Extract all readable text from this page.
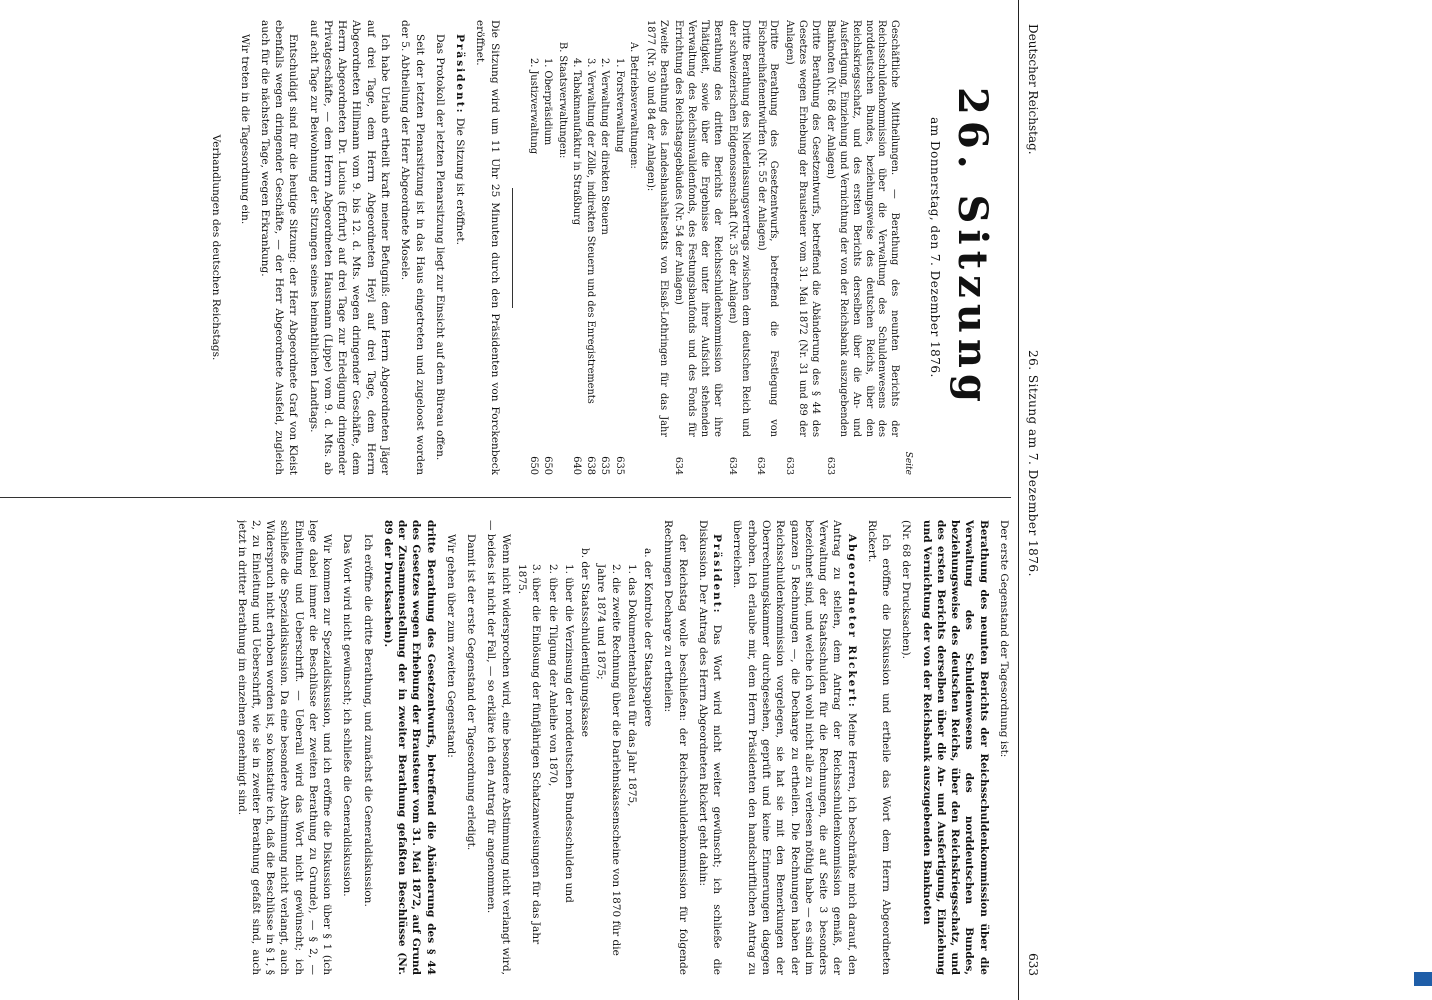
Deutscher Reichstag.
26. Sitzung am 7. Dezember 1876.
633
26. Sitzung
am Donnerstag, den 7. Dezember 1876.
Seite
Geschäftliche Mittheilungen. — Berathung des neunten Berichts der Reichsschuldenkommission über die Verwaltung des Schuldenwesens des norddeutschen Bundes, beziehungsweise des deutschen Reichs, über den Reichskriegsschatz, und des ersten Berichts derselben über die An- und Ausfertigung, Einziehung und Vernichtung der von der Reichsbank auszugebenden Banknoten (Nr. 68 der Anlagen)
633
Dritte Berathung des Gesetzentwurfs, betreffend die Abänderung des § 44 des Gesetzes wegen Erhebung der Brausteuer vom 31. Mai 1872 (Nr. 31 und 89 der Anlagen)
633
Dritte Berathung des Gesetzentwurfs, betreffend die Festlegung von Fischereihafenentwürfen (Nr. 55 der Anlagen)
634
Dritte Berathung des Niederlassungsvertrags zwischen dem deutschen Reich und der schweizerischen Eidgenossenschaft (Nr. 35 der Anlagen)
634
Berathung des dritten Berichts der Reichsschuldenkommission über ihre Thätigkeit, sowie über die Ergebnisse der unter ihrer Aufsicht stehenden Verwaltung des Reichsinvalidenfonds, des Festungsbaufonds und des Fonds für Errichtung des Reichstagsgebäudes (Nr. 54 der Anlagen)
634
Zweite Berathung des Landeshaushaltsetats von Elsaß-Lothringen für das Jahr 1877 (Nr. 30 und 84 der Anlagen):
A. Betriebsverwaltungen:
1. Forstverwaltung
635
2. Verwaltung der direkten Steuern
635
3. Verwaltung der Zölle, indirekten Steuern und des Enregistrements
638
4. Tabakmanufaktur in Straßburg
640
B. Staatsverwaltungen:
1. Oberpräsidium
650
2. Justizverwaltung
650

Die Sitzung wird um 11 Uhr 25 Minuten durch den Präsidenten von Forckenbeck eröffnet.

Präsident: Die Sitzung ist eröffnet.

Das Protokoll der letzten Plenarsitzung liegt zur Einsicht auf dem Büreau offen.

Seit der letzten Plenarsitzung ist in das Haus eingetreten und zugeloost worden der 5. Abtheilung der Herr Abgeordnete Mosele.

Ich habe Urlaub ertheilt kraft meiner Befugniß: dem Herrn Abgeordneten Jäger auf drei Tage, dem Herrn Abgeordneten Heyl auf drei Tage, dem Herrn Abgeordneten Hillmann vom 9. bis 12. d. Mts. wegen dringender Geschäfte, dem Herrn Abgeordneten Dr. Lucius (Erfurt) auf drei Tage zur Erledigung dringender Privatgeschäfte, — dem Herrn Abgeordneten Hausmann (Lippe) vom 9. d. Mts. ab auf acht Tage zur Beiwohnung der Sitzungen seines heimathlichen Landtags.

Entschuldigt sind für die heutige Sitzung: der Herr Abgeordnete Graf von Kleist ebenfalls wegen dringender Geschäfte, — der Herr Abgeordnete Ausfeld, zugleich auch für die nächsten Tage, wegen Erkrankung.

Wir treten in die Tagesordnung ein.

Verhandlungen des deutschen Reichstags.

Der erste Gegenstand der Tagesordnung ist:

Berathung des neunten Berichts der Reichsschuldenkommission über die Verwaltung des Schuldenwesens des norddeutschen Bundes, beziehungsweise des deutschen Reichs, über den Reichskriegsschatz, und des ersten Berichts derselben über die An- und Ausfertigung, Einziehung und Vernichtung der von der Reichsbank auszugebenden Banknoten

(Nr. 68 der Drucksachen).

Ich eröffne die Diskussion und ertheile das Wort dem Herrn Abgeordneten Rickert.

Abgeordneter Rickert: Meine Herren, ich beschränke mich darauf, den Antrag zu stellen, dem Antrag der Reichsschuldenkommission gemäß, der Verwaltung der Staatsschulden für die Rechnungen, die auf Seite 3 besonders bezeichnet sind, und welche ich wohl nicht alle zu verlesen nöthig habe — es sind im ganzen 5 Rechnungen —, die Decharge zu ertheilen. Die Rechnungen haben der Reichsschuldenkommission vorgelegen, sie hat sie mit den Bemerkungen der Oberrechnungskammer durchgesehen, geprüft und keine Erinnerungen dagegen erhoben. Ich erlaube mir, dem Herrn Präsidenten den handschriftlichen Antrag zu überreichen.

Präsident: Das Wort wird nicht weiter gewünscht; ich schließe die Diskussion. Der Antrag des Herrn Abgeordneten Rickert geht dahin:

der Reichstag wolle beschließen: der Reichsschuldenkommission für folgende Rechnungen Decharge zu ertheilen:

a. der Kontrole der Staatspapiere
1. das Dokumententableau für das Jahr 1875,
2. die zweite Rechnung über die Darlehnskassenscheine von 1870 für die Jahre 1874 und 1875;
b. der Staatsschuldentilgungskasse
1. über die Verzinsung der norddeutschen Bundesschulden und
2. über die Tilgung der Anleihe von 1870,
3. über die Einlösung der fünfjährigen Schatzanweisungen für das Jahr 1875.

Wenn nicht widersprochen wird, eine besondere Abstimmung nicht verlangt wird, — beides ist nicht der Fall, — so erkläre ich den Antrag für angenommen.

Damit ist der erste Gegenstand der Tagesordnung erledigt.

Wir gehen über zum zweiten Gegenstand:

dritte Berathung des Gesetzentwurfs, betreffend die Abänderung des § 44 des Gesetzes wegen Erhebung der Brausteuer vom 31. Mai 1872, auf Grund der Zusammenstellung der in zweiter Berathung gefaßten Beschlüsse (Nr. 89 der Drucksachen).

Ich eröffne die dritte Berathung, und zunächst die Generaldiskussion.

Das Wort wird nicht gewünscht; ich schließe die Generaldiskussion.

Wir kommen zur Spezialdiskussion, und ich eröffne die Diskussion über § 1 (ich lege dabei immer die Beschlüsse der zweiten Berathung zu Grunde), — § 2, — Einleitung und Ueberschrift. — Ueberall wird das Wort nicht gewünscht; ich schließe die Spezialdiskussion. Da eine besondere Abstimmung nicht verlangt, auch Widerspruch nicht erhoben worden ist, so konstatire ich, daß die Beschlüsse in § 1, § 2, zu Einleitung und Ueberschrift, wie sie in zweiter Berathung gefaßt sind, auch jetzt in dritter Berathung im einzelnen genehmigt sind.
